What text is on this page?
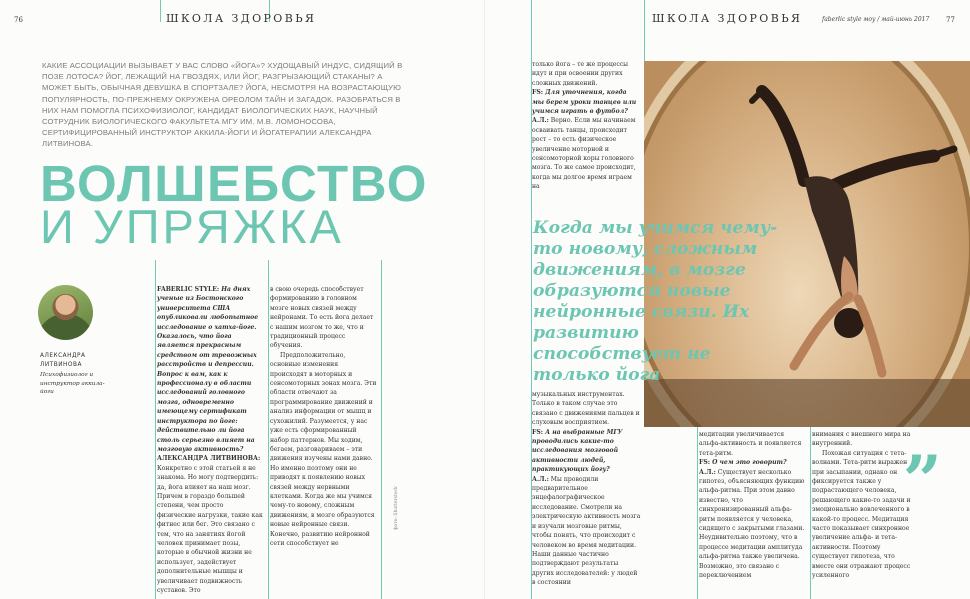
76	ШКОЛА ЗДОРОВЬЯ	ШКОЛА ЗДОРОВЬЯ	faberlic style моу / май-июнь 2017 77

КАКИЕ АССОЦИАЦИИ ВЫЗЫВАЕТ У ВАС СЛОВО «ЙОГА»? ХУДОЩАВЫЙ ИНДУС, СИДЯЩИЙ В ПОЗЕ ЛОТОСА? ЙОГ, ЛЕЖАЩИЙ НА ГВОЗДЯХ, ИЛИ ЙОГ, РАЗГРЫЗАЮЩИЙ СТАКАНЫ? А МОЖЕТ БЫТЬ, ОБЫЧНАЯ ДЕВУШКА В СПОРТЗАЛЕ? ЙОГА, НЕСМОТРЯ НА ВОЗРАСТАЮЩУЮ ПОПУЛЯРНОСТЬ, ПО-ПРЕЖНЕМУ ОКРУЖЕНА ОРЕОЛОМ ТАЙН И ЗАГАДОК. РАЗОБРАТЬСЯ В НИХ НАМ ПОМОГЛА ПСИХОФИЗИОЛОГ, КАНДИДАТ БИОЛОГИЧЕСКИХ НАУК, НАУЧНЫЙ СОТРУДНИК БИОЛОГИЧЕСКОГО ФАКУЛЬТЕТА МГУ ИМ. М.В. ЛОМОНОСОВА, СЕРТИФИЦИРОВАННЫЙ ИНСТРУКТОР АККИЛА-ЙОГИ И ЙОГАТЕРАПИИ АЛЕКСАНДРА ЛИТВИНОВА.

ВОЛШЕБСТВО
И УПРЯЖКА

АЛЕКСАНДРА ЛИТВИНОВА

Психофизиолог и инструктор аккила-йоги

FABERLIC STYLE: На днях ученые из Бостонского университета США опубликовали любопытное исследование о хатха-йоге. Оказалось, что йога является прекрасным средством от тревожных расстройств и депрессии. Вопрос к вам, как к профессионалу в области исследований головного мозга, одновременно имеющему сертификат инструктора по йоге: действительно ли йога столь серьезно влияет на мозговую активность?

АЛЕКСАНДРА ЛИТВИНОВА: Конкретно с этой статьей я не знакома. Но могу подтвердить: да, йога влияет на наш мозг. Причем в гораздо большей степени, чем просто физические нагрузки, такие как фитнес или бег. Это связано с тем, что на занятиях йогой человек принимает позы, которые в обычной жизни не использует, задействует дополнительные мышцы и увеличивает подвижность суставов. Это

в свою очередь способствует формированию в головном мозге новых связей между нейронами. То есть йога делает с нашим мозгом то же, что и традиционный процесс обучения.

Предположительно, основные изменения происходят в моторных и сенсомоторных зонах мозга. Эти области отвечают за программирование движений и анализ информации от мышц и сухожилий. Разумеется, у нас уже есть сформированный набор паттернов. Мы ходим, бегаем, разговариваем – эти движения изучены нами давно. Но именно поэтому они не приводят к появлению новых связей между нервными клетками. Когда же мы учимся чему-то новому, сложным движениям, в мозге образуются новые нейронные связи. Конечно, развитию нейронной сети способствует не

фото: Shutterstock

только йога – те же процессы идут и при освоении других сложных движений.

FS: Для уточнения, когда мы берем уроки танцев или учимся играть в футбол?

А.Л.: Верно. Если мы начинаем осваивать танцы, происходит рост – то есть физическое увеличение моторной и сенсомоторной коры головного мозга. То же самое происходит, когда мы долгое время играем на

Когда мы учимся чему-то новому, сложным движениям, в мозге образуются новые нейронные связи. Их развитию способствует не только йога

музыкальных инструментах. Только в таком случае это связано с движениями пальцев и слуховым восприятием.

FS: А на выбранные МГУ проводились какие-то исследования мозговой активности людей, практикующих йогу?

А.Л.: Мы проводили предварительное энцефалографическое исследование. Смотрели на электрическую активность мозга и изучали мозговые ритмы, чтобы понять, что происходит с человеком во время медитации. Наши данные частично подтверждают результаты других исследователей: у людей в состоянии

медитации увеличивается альфа-активность и появляется тета-ритм.

FS: О чем это говорит?

А.Л.: Существует несколько гипотез, объясняющих функцию альфа-ритма. При этом давно известно, что синхронизированный альфа-ритм появляется у человека, сидящего с закрытыми глазами. Неудивительно поэтому, что в процессе медитации амплитуда альфа-ритма также увеличена. Возможно, это связано с переключением

внимания с внешнего мира на внутренний.

Похожая ситуация с тета-волнами. Тета-ритм выражен при засыпании, однако он фиксируется также у подрастающего человека, решающего какие-то задачи и эмоционально вовлеченного в какой-то процесс. Медитация часто показывает синхронное увеличение альфа- и тета-активности. Поэтому существует гипотеза, что вместе они отражают процесс усиленного

„
